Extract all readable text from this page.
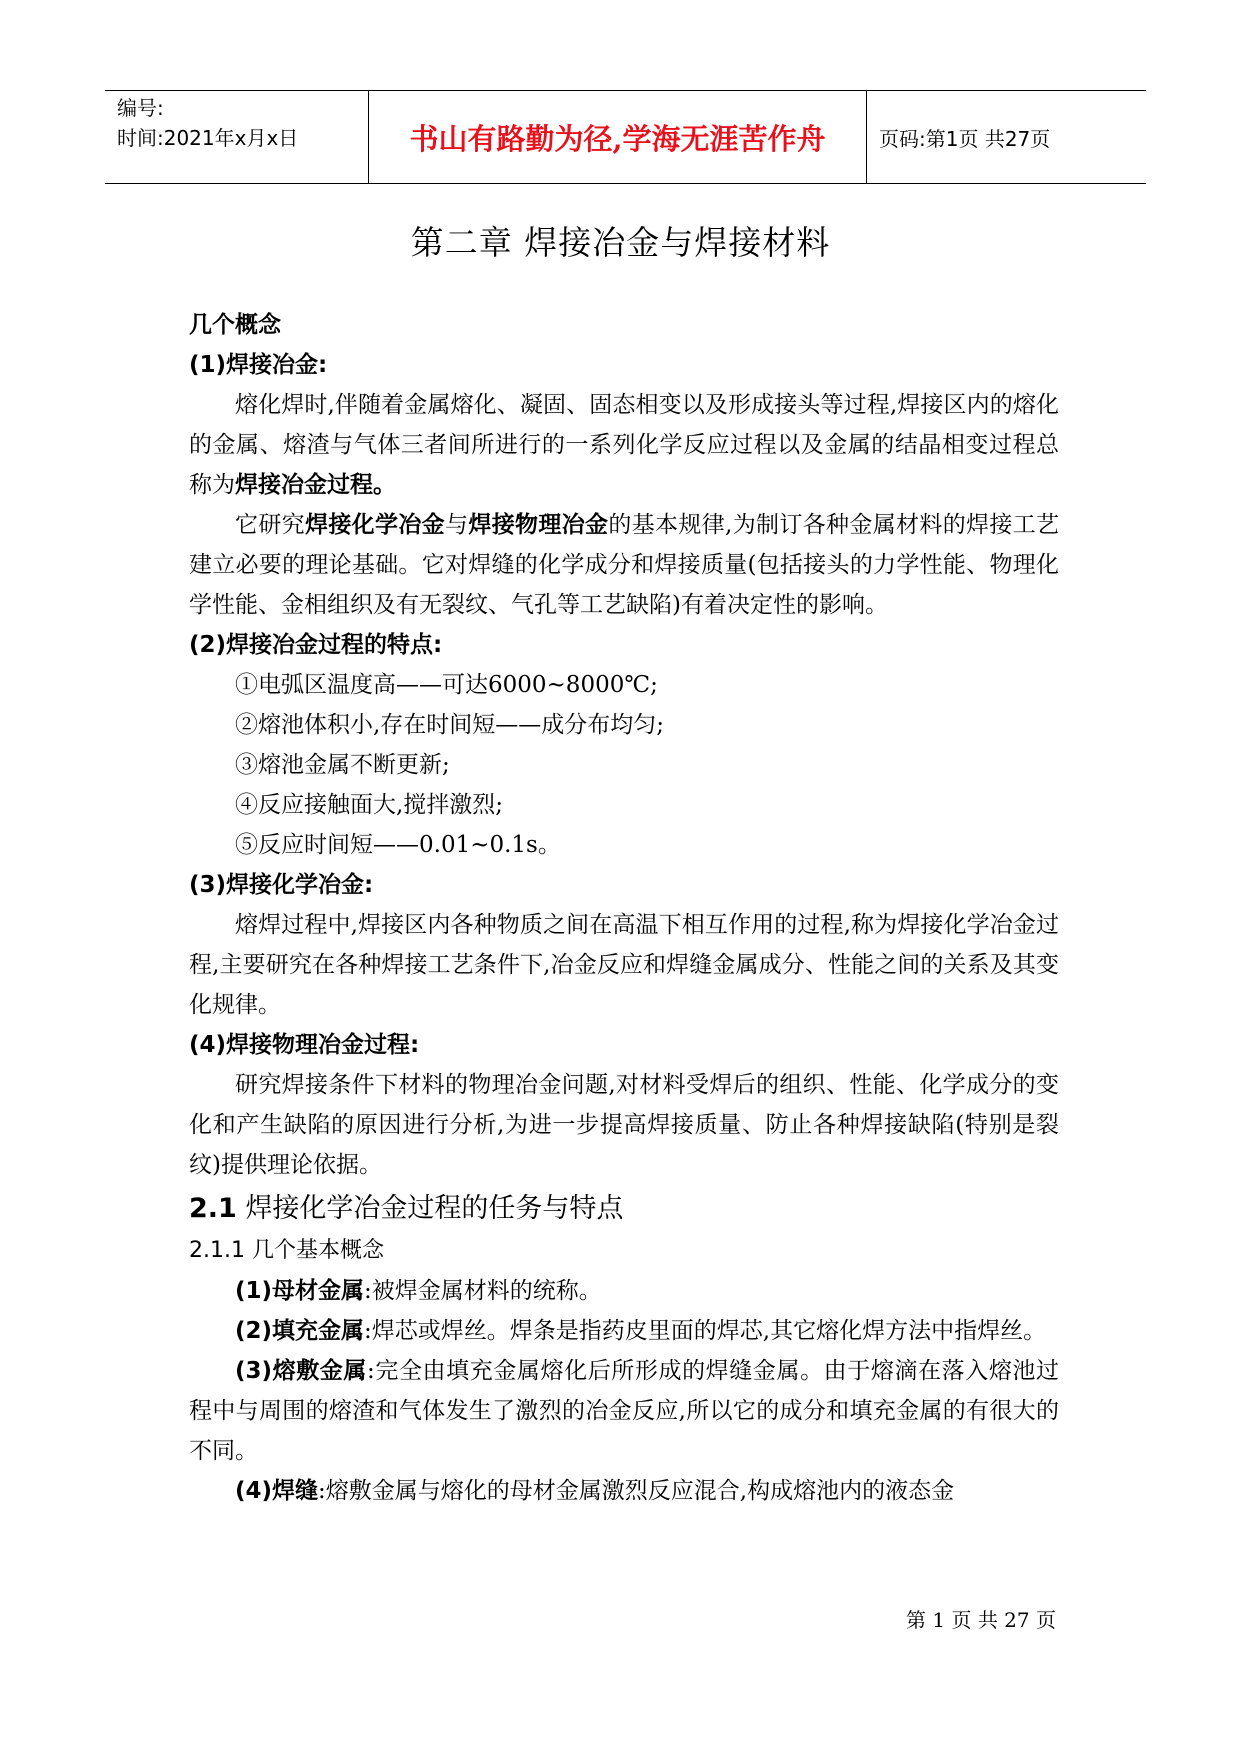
编号:
时间:2021年x月x日	书山有路勤为径,学海无涯苦作舟	页码:第1页 共27页
第二章 焊接冶金与焊接材料
几个概念
(1)焊接冶金:

熔化焊时,伴随着金属熔化、凝固、固态相变以及形成接头等过程,焊接区内的熔化的金属、熔渣与气体三者间所进行的一系列化学反应过程以及金属的结晶相变过程总称为焊接冶金过程。

它研究焊接化学冶金与焊接物理冶金的基本规律,为制订各种金属材料的焊接工艺建立必要的理论基础。它对焊缝的化学成分和焊接质量(包括接头的力学性能、物理化学性能、金相组织及有无裂纹、气孔等工艺缺陷)有着决定性的影响。

(2)焊接冶金过程的特点:
①电弧区温度高——可达6000~8000℃;
②熔池体积小,存在时间短——成分布均匀;
③熔池金属不断更新;
④反应接触面大,搅拌激烈;
⑤反应时间短——0.01~0.1s。
(3)焊接化学冶金:

熔焊过程中,焊接区内各种物质之间在高温下相互作用的过程,称为焊接化学冶金过程,主要研究在各种焊接工艺条件下,冶金反应和焊缝金属成分、性能之间的关系及其变化规律。

(4)焊接物理冶金过程:

研究焊接条件下材料的物理冶金问题,对材料受焊后的组织、性能、化学成分的变化和产生缺陷的原因进行分析,为进一步提高焊接质量、防止各种焊接缺陷(特别是裂纹)提供理论依据。

2.1 焊接化学冶金过程的任务与特点
2.1.1 几个基本概念

(1)母材金属:被焊金属材料的统称。

(2)填充金属:焊芯或焊丝。焊条是指药皮里面的焊芯,其它熔化焊方法中指焊丝。

(3)熔敷金属:完全由填充金属熔化后所形成的焊缝金属。由于熔滴在落入熔池过程中与周围的熔渣和气体发生了激烈的冶金反应,所以它的成分和填充金属的有很大的不同。

(4)焊缝:熔敷金属与熔化的母材金属激烈反应混合,构成熔池内的液态金

第 1 页 共 27 页
